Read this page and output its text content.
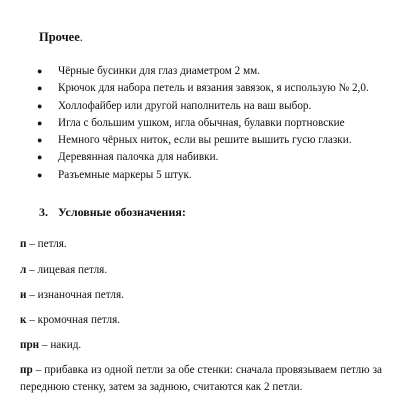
Прочее.

● Чёрные бусинки для глаз диаметром 2 мм.
● Крючок для набора петель и вязания завязок, я использую № 2,0.
● Холлофайбер или другой наполнитель на ваш выбор.
● Игла с большим ушком, игла обычная, булавки портновские
● Немного чёрных ниток, если вы решите вышить гусю глазки.
● Деревянная палочка для набивки.
● Разъемные маркеры 5 штук.

3. Условные обозначения:

п – петля.

л – лицевая петля.

и – изнаночная петля.

к – кромочная петля.

прн – накид.

пр – прибавка из одной петли за обе стенки: сначала провязываем петлю за переднюю стенку, затем за заднюю, считаются как 2 петли.
